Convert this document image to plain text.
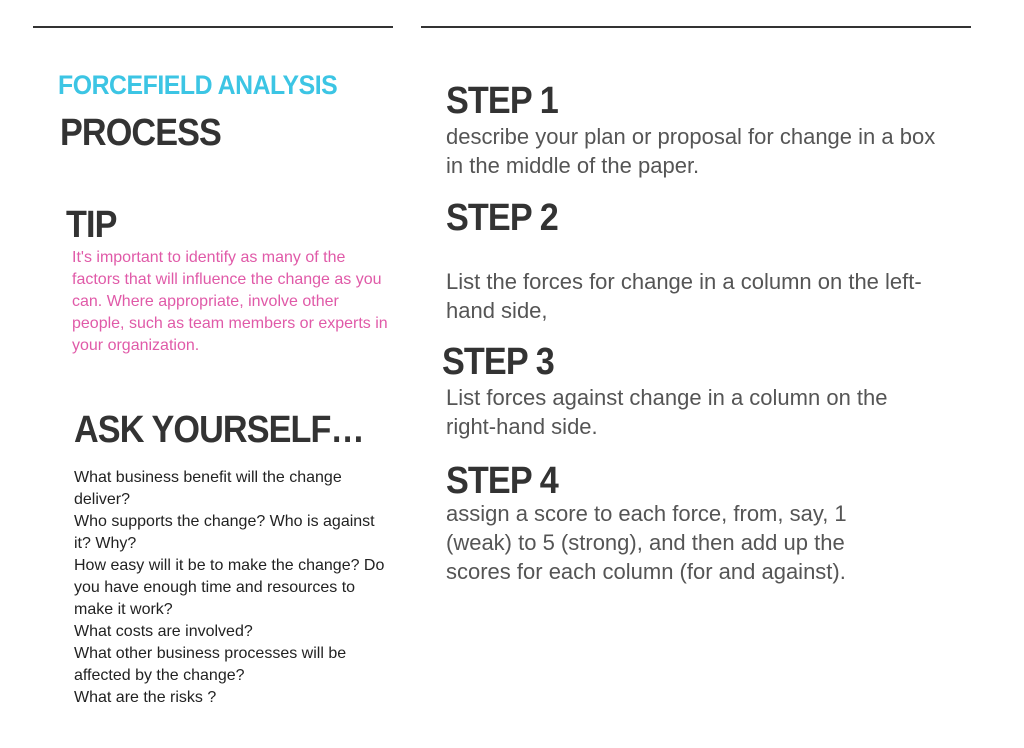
FORCEFIELD ANALYSIS
PROCESS
TIP

It's important to identify as many of the factors that will influence the change as you can. Where appropriate, involve other people, such as team members or experts in your organization.

ASK YOURSELF…
What business benefit will the change deliver?
Who supports the change? Who is against it? Why?
How easy will it be to make the change? Do you have enough time and resources to make it work?
What costs are involved?
What other business processes will be affected by the change?
What are the risks ?
STEP 1

describe your plan or proposal for change in a box in the middle of the paper.

STEP 2

List the forces for change in a column on the left-hand side,

STEP 3

List forces against change in a column on the right-hand side.

STEP 4

assign a score to each force, from, say, 1 (weak) to 5 (strong), and then add up the scores for each column (for and against).
